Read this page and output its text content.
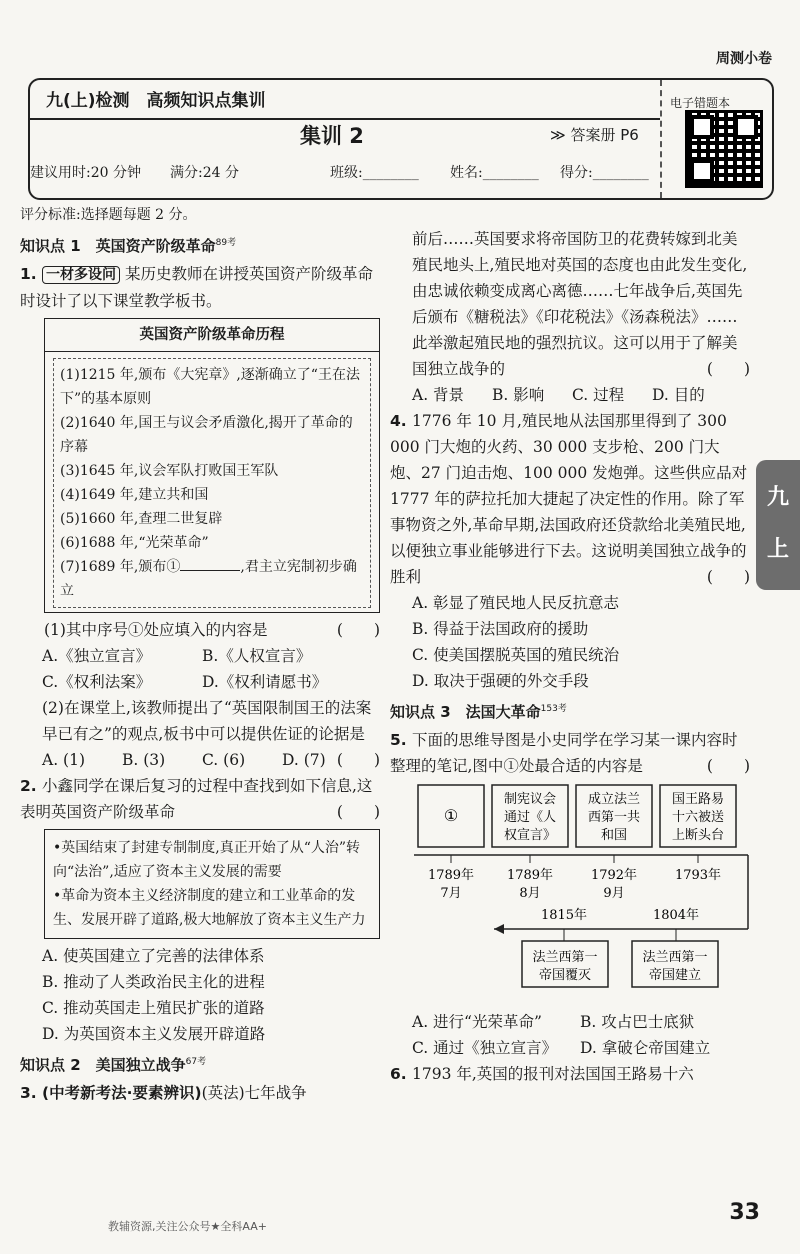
周测小卷
九(上)检测　高频知识点集训
集训 2	≫ 答案册 P6
建议用时:20 分钟 满分:24 分	班级:________ 姓名:________ 得分:________
电子错题本

评分标准:选择题每题 2 分。

知识点 1　英国资产阶级革命$^{89考}$

1. 一材多设问 某历史教师在讲授英国资产阶级革命时设计了以下课堂教学板书。

英国资产阶级革命历程
(1)1215 年,颁布《大宪章》,逐渐确立了“王在法下”的基本原则
(2)1640 年,国王与议会矛盾激化,揭开了革命的序幕
(3)1645 年,议会军队打败国王军队
(4)1649 年,建立共和国
(5)1660 年,查理二世复辟
(6)1688 年,“光荣革命”
(7)1689 年,颁布①	,君主立宪制初步确立

(1)其中序号①处应填入的内容是	(　　)

A.《独立宣言》	B.《人权宣言》
C.《权利法案》	D.《权利请愿书》

(2)在课堂上,该教师提出了“英国限制国王的法案早已有之”的观点,板书中可以提供佐证的论据是
(　　)

A. (1) B. (3) C. (6) D. (7)

2. 小鑫同学在课后复习的过程中查找到如下信息,这表明英国资产阶级革命	(　　)

•英国结束了封建专制制度,真正开始了从“人治”转向“法治”,适应了资本主义发展的需要
•革命为资本主义经济制度的建立和工业革命的发生、发展开辟了道路,极大地解放了资本主义生产力

A. 使英国建立了完善的法律体系

B. 推动了人类政治民主化的进程

C. 推动英国走上殖民扩张的道路

D. 为英国资本主义发展开辟道路

知识点 2　美国独立战争$^{67考}$

3. (中考新考法·要素辨识)(英法)七年战争

前后……英国要求将帝国防卫的花费转嫁到北美殖民地头上,殖民地对英国的态度也由此发生变化,由忠诚依赖变成离心离德……七年战争后,英国先后颁布《糖税法》《印花税法》《汤森税法》……此举激起殖民地的强烈抗议。这可以用于了解美国独立战争的	(　　)

A. 背景 B. 影响 C. 过程 D. 目的

4. 1776 年 10 月,殖民地从法国那里得到了 300 000 门大炮的火药、30 000 支步枪、200 门大炮、27 门迫击炮、100 000 发炮弹。这些供应品对 1777 年的萨拉托加大捷起了决定性的作用。除了军事物资之外,革命早期,法国政府还贷款给北美殖民地,以便独立事业能够进行下去。这说明美国独立战争的胜利	(　　)

A. 彰显了殖民地人民反抗意志

B. 得益于法国政府的援助

C. 使美国摆脱英国的殖民统治

D. 取决于强硬的外交手段

知识点 3　法国大革命$^{153考}$

5. 下面的思维导图是小史同学在学习某一课内容时整理的笔记,图中①处最合适的内容是	(　　)

①
制宪议会
通过《人
权宣言》
成立法兰
西第一共
和国
国王路易
十六被送
上断头台
1789年
7月
1789年
8月
1792年
9月
1793年
1815年	1804年
法兰西第一
帝国覆灭
法兰西第一
帝国建立

A. 进行“光荣革命” B. 攻占巴士底狱
C. 通过《独立宣言》 D. 拿破仑帝国建立

6. 1793 年,英国的报刊对法国国王路易十六

九
上
教辅资源,关注公众号★全科AA+
33
